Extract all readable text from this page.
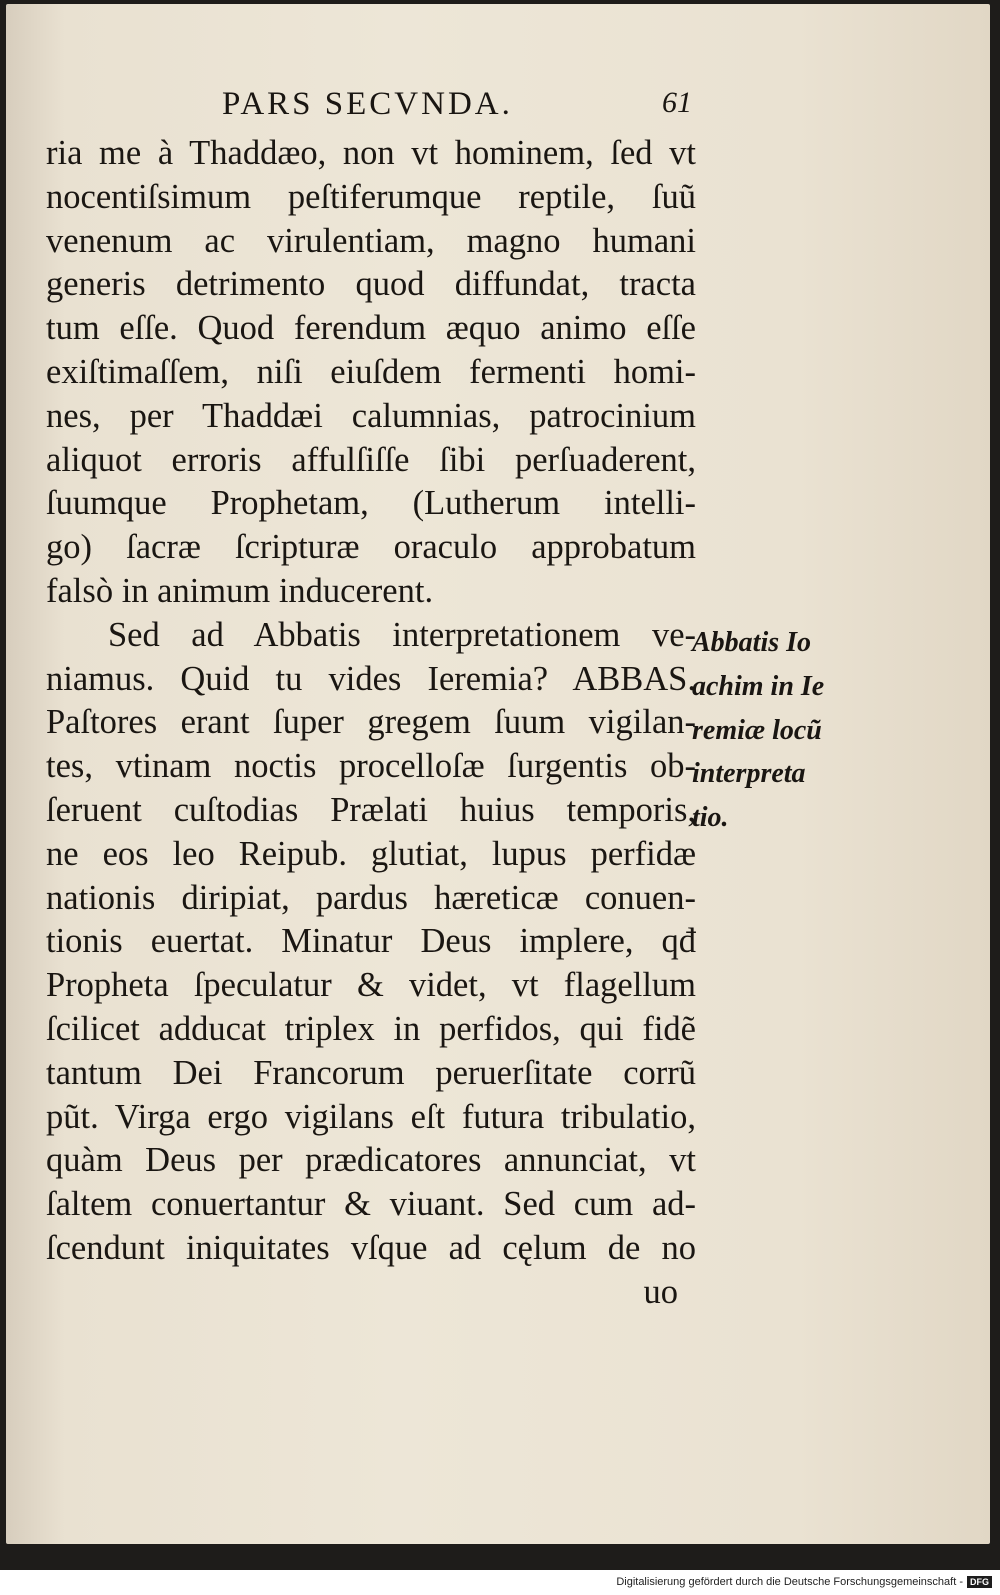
PARS SECVNDA.	61
ria me à Thaddæo, non vt hominem, ſed vt
nocentiſsimum peſtiferumque reptile, ſuũ
venenum ac virulentiam, magno humani
generis detrimento quod diffundat, tracta
tum eſſe. Quod ferendum æquo animo eſſe
exiſtimaſſem, niſi eiuſdem fermenti homi-
nes, per Thaddæi calumnias, patrocinium
aliquot erroris affulſiſſe ſibi perſuaderent,
ſuumque Prophetam, (Lutherum intelli-
go) ſacræ ſcripturæ oraculo approbatum
falsò in animum inducerent.
Sed ad Abbatis interpretationem ve-
niamus. Quid tu vides Ieremia? ABBAS.
Paſtores erant ſuper gregem ſuum vigilan-
tes, vtinam noctis procelloſæ ſurgentis ob-
ſeruent cuſtodias Prælati huius temporis,
ne eos leo Reipub. glutiat, lupus perfidæ
nationis diripiat, pardus hæreticæ conuen-
tionis euertat. Minatur Deus implere, qđ
Propheta ſpeculatur & videt, vt flagellum
ſcilicet adducat triplex in perfidos, qui fidẽ
tantum Dei Francorum peruerſitate corrũ
pũt. Virga ergo vigilans eſt futura tribulatio,
quàm Deus per prædicatores annunciat, vt
ſaltem conuertantur & viuant. Sed cum ad-
ſcendunt iniquitates vſque ad cęlum de no
uo
Abbatis Io
achim in Ie
remiæ locũ
interpreta
tio.
Digitalisierung gefördert durch die Deutsche Forschungsgemeinschaft - DFG
